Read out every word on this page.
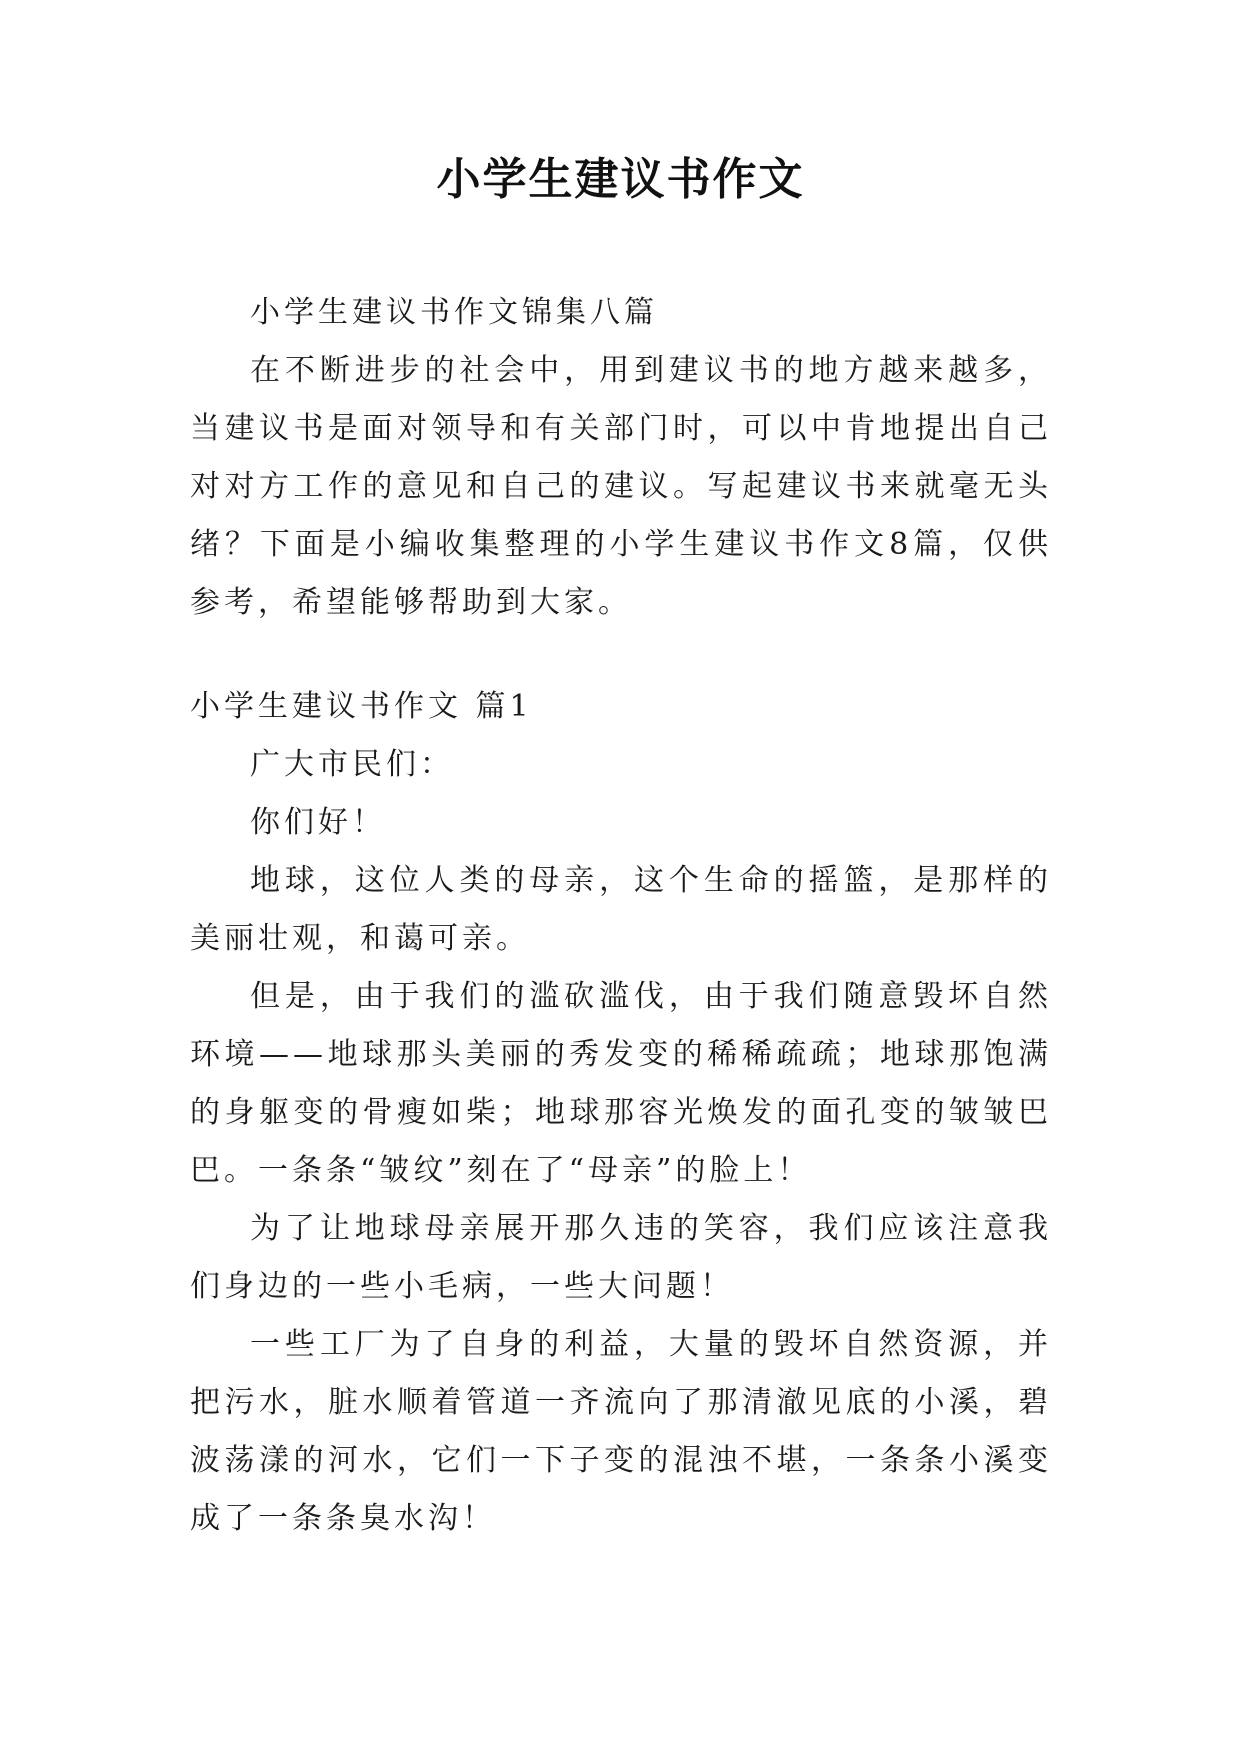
小学生建议书作文

小学生建议书作文锦集八篇

在不断进步的社会中，用到建议书的地方越来越多，当建议书是面对领导和有关部门时，可以中肯地提出自己对对方工作的意见和自己的建议。写起建议书来就毫无头绪？下面是小编收集整理的小学生建议书作文8篇，仅供参考，希望能够帮助到大家。

小学生建议书作文 篇1

广大市民们：

你们好！

地球，这位人类的母亲，这个生命的摇篮，是那样的美丽壮观，和蔼可亲。

但是，由于我们的滥砍滥伐，由于我们随意毁坏自然环境——地球那头美丽的秀发变的稀稀疏疏；地球那饱满的身躯变的骨瘦如柴；地球那容光焕发的面孔变的皱皱巴巴。一条条“皱纹”刻在了“母亲”的脸上！

为了让地球母亲展开那久违的笑容，我们应该注意我们身边的一些小毛病，一些大问题！

一些工厂为了自身的利益，大量的毁坏自然资源，并把污水，脏水顺着管道一齐流向了那清澈见底的小溪，碧波荡漾的河水，它们一下子变的混浊不堪，一条条小溪变成了一条条臭水沟！
